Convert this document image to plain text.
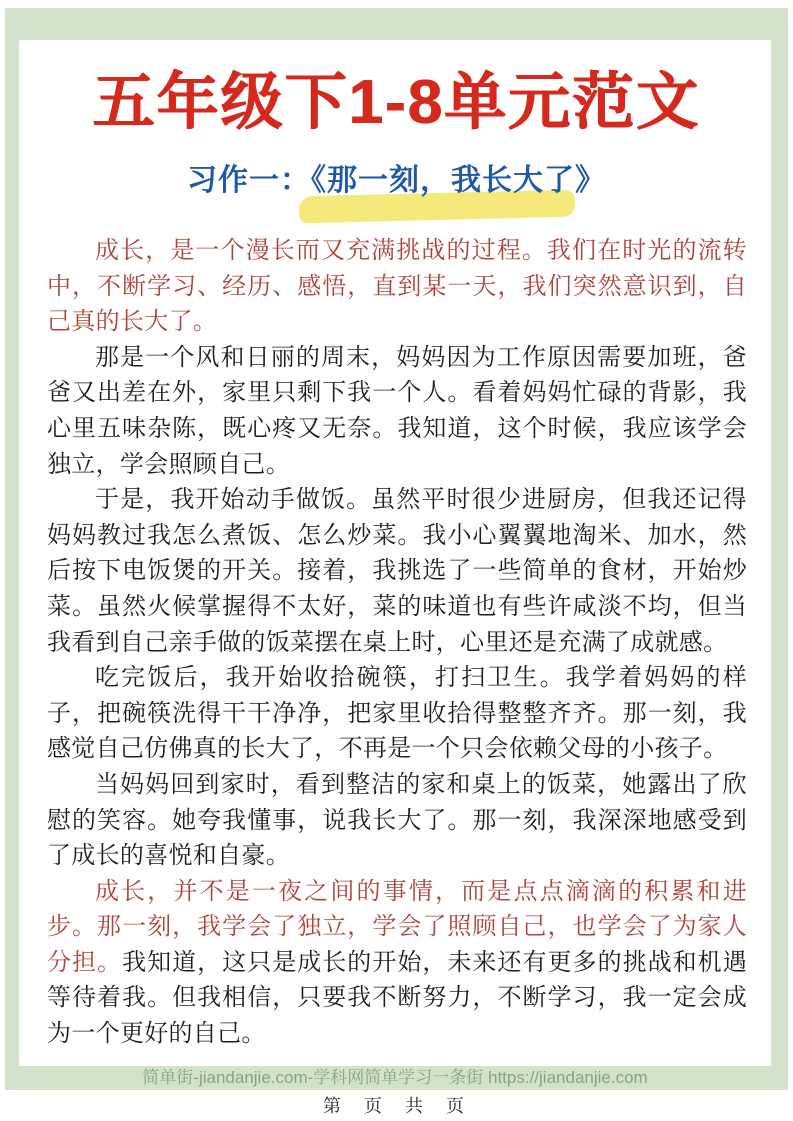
五年级下1-8单元范文
习作一：《那一刻，我长大了》

成长，是一个漫长而又充满挑战的过程。我们在时光的流转中，不断学习、经历、感悟，直到某一天，我们突然意识到，自己真的长大了。

那是一个风和日丽的周末，妈妈因为工作原因需要加班，爸爸又出差在外，家里只剩下我一个人。看着妈妈忙碌的背影，我心里五味杂陈，既心疼又无奈。我知道，这个时候，我应该学会独立，学会照顾自己。

于是，我开始动手做饭。虽然平时很少进厨房，但我还记得妈妈教过我怎么煮饭、怎么炒菜。我小心翼翼地淘米、加水，然后按下电饭煲的开关。接着，我挑选了一些简单的食材，开始炒菜。虽然火候掌握得不太好，菜的味道也有些许咸淡不均，但当我看到自己亲手做的饭菜摆在桌上时，心里还是充满了成就感。

吃完饭后，我开始收拾碗筷，打扫卫生。我学着妈妈的样子，把碗筷洗得干干净净，把家里收拾得整整齐齐。那一刻，我感觉自己仿佛真的长大了，不再是一个只会依赖父母的小孩子。

当妈妈回到家时，看到整洁的家和桌上的饭菜，她露出了欣慰的笑容。她夸我懂事，说我长大了。那一刻，我深深地感受到了成长的喜悦和自豪。

成长，并不是一夜之间的事情，而是点点滴滴的积累和进步。那一刻，我学会了独立，学会了照顾自己，也学会了为家人分担。我知道，这只是成长的开始，未来还有更多的挑战和机遇等待着我。但我相信，只要我不断努力，不断学习，我一定会成为一个更好的自己。

简单街-jiandanjie.com-学科网简单学习一条街 https://jiandanjie.com
第 页 共 页
